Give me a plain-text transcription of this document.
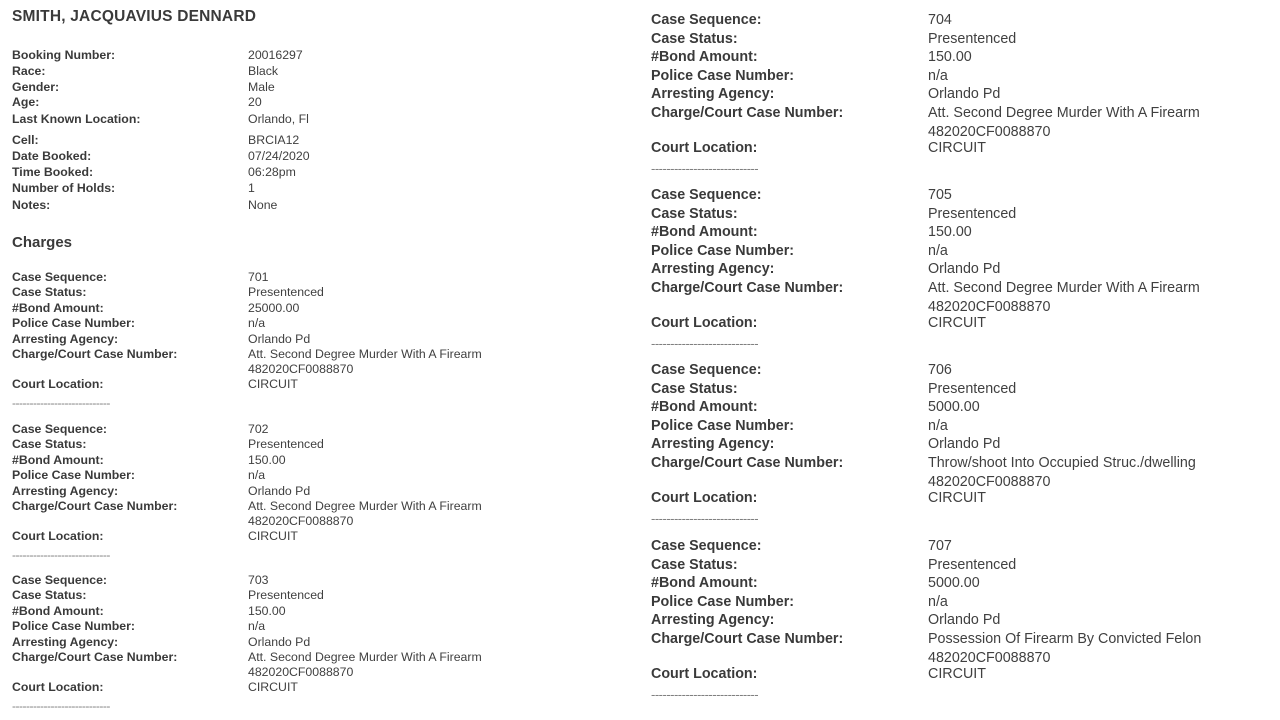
SMITH, JACQUAVIUS DENNARD
Booking Number:	20016297
Race:	Black
Gender:	Male
Age:	20
Last Known Location:	Orlando, Fl
Cell:	BRCIA12
Date Booked:	07/24/2020
Time Booked:	06:28pm
Number of Holds:	1
Notes:	None
Charges
Case Sequence:	701
Case Status:	Presentenced
#Bond Amount:	25000.00
Police Case Number:	n/a
Arresting Agency:	Orlando Pd
Charge/Court Case Number:	Att. Second Degree Murder With A Firearm
482020CF0088870
Court Location:	CIRCUIT
----------------------------
Case Sequence:	702
Case Status:	Presentenced
#Bond Amount:	150.00
Police Case Number:	n/a
Arresting Agency:	Orlando Pd
Charge/Court Case Number:	Att. Second Degree Murder With A Firearm
482020CF0088870
Court Location:	CIRCUIT
----------------------------
Case Sequence:	703
Case Status:	Presentenced
#Bond Amount:	150.00
Police Case Number:	n/a
Arresting Agency:	Orlando Pd
Charge/Court Case Number:	Att. Second Degree Murder With A Firearm
482020CF0088870
Court Location:	CIRCUIT
----------------------------
Case Sequence:	704
Case Status:	Presentenced
#Bond Amount:	150.00
Police Case Number:	n/a
Arresting Agency:	Orlando Pd
Charge/Court Case Number:	Att. Second Degree Murder With A Firearm
482020CF0088870
Court Location:	CIRCUIT
----------------------------
Case Sequence:	705
Case Status:	Presentenced
#Bond Amount:	150.00
Police Case Number:	n/a
Arresting Agency:	Orlando Pd
Charge/Court Case Number:	Att. Second Degree Murder With A Firearm
482020CF0088870
Court Location:	CIRCUIT
----------------------------
Case Sequence:	706
Case Status:	Presentenced
#Bond Amount:	5000.00
Police Case Number:	n/a
Arresting Agency:	Orlando Pd
Charge/Court Case Number:	Throw/shoot Into Occupied Struc./dwelling
482020CF0088870
Court Location:	CIRCUIT
----------------------------
Case Sequence:	707
Case Status:	Presentenced
#Bond Amount:	5000.00
Police Case Number:	n/a
Arresting Agency:	Orlando Pd
Charge/Court Case Number:	Possession Of Firearm By Convicted Felon
482020CF0088870
Court Location:	CIRCUIT
----------------------------
